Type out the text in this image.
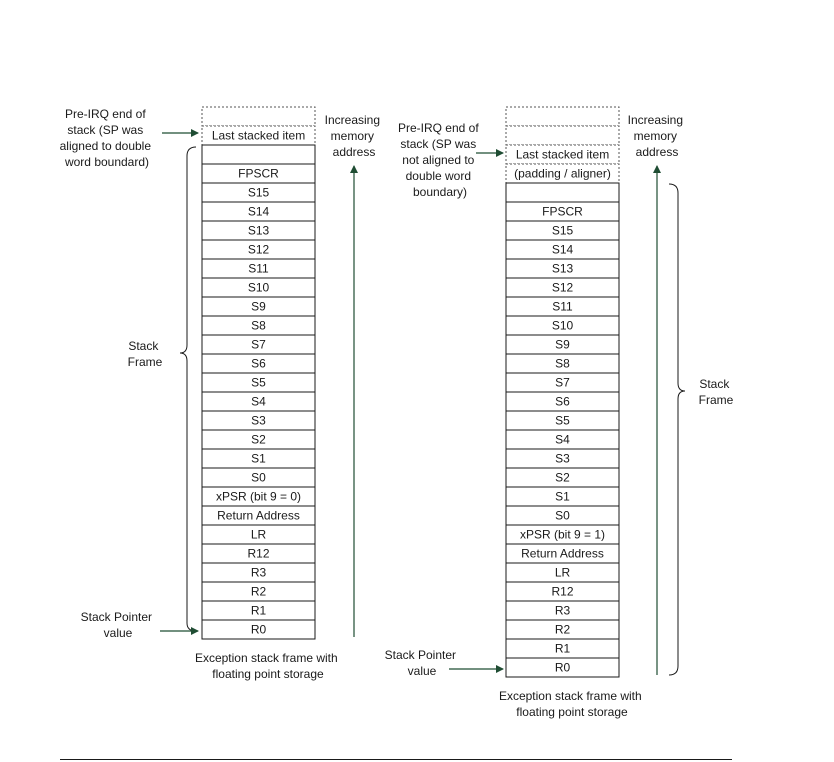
Last stacked item
FPSCR
S15
S14
S13
S12
S11
S10
S9
S8
S7
S6
S5
S4
S3
S2
S1
S0
xPSR (bit 9 = 0)
Return Address
LR
R12
R3
R2
R1
R0
Pre-IRQ end of stack (SP was aligned to double word boundard)
Stack Frame
Stack Pointer value
Increasing memory address
Exception stack frame with floating point storage
Last stacked item
(padding / aligner)
FPSCR
S15
S14
S13
S12
S11
S10
S9
S8
S7
S6
S5
S4
S3
S2
S1
S0
xPSR (bit 9 = 1)
Return Address
LR
R12
R3
R2
R1
R0
Pre-IRQ end of stack (SP was not aligned to double word boundary)
Increasing memory address
Stack Frame
Stack Pointer value
Exception stack frame with floating point storage
